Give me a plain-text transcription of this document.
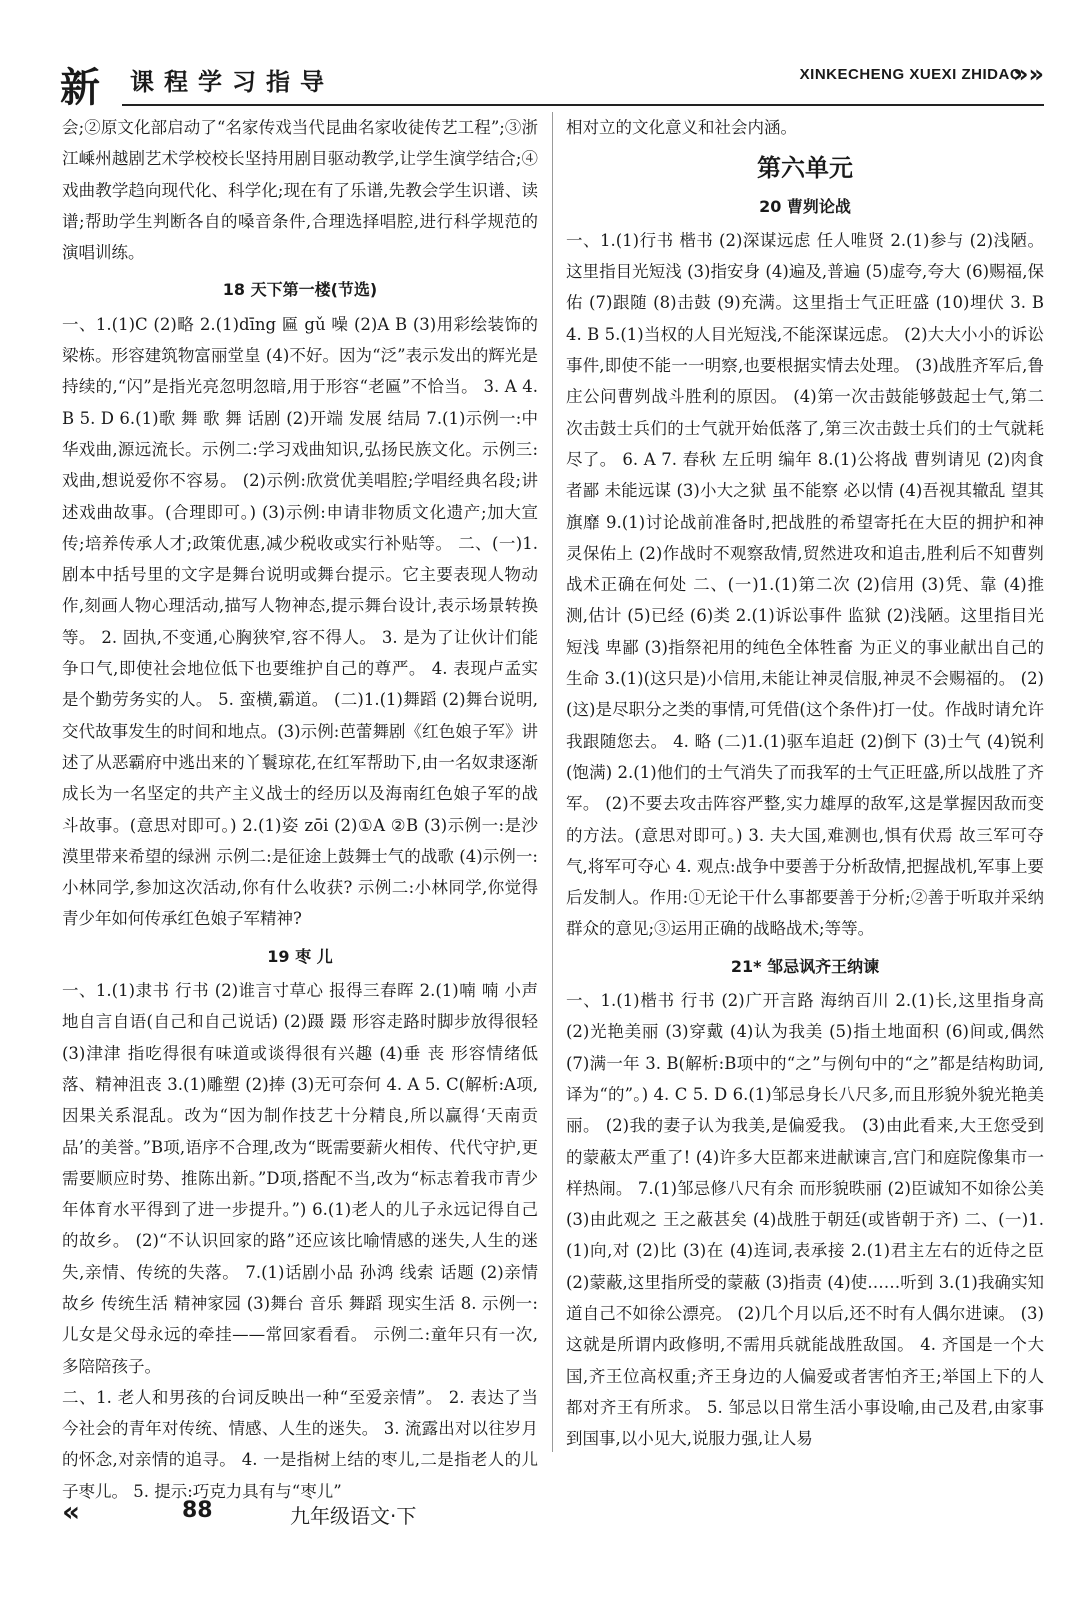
新 课程学习指导	XINKECHENG XUEXI ZHIDAO
»»

会;②原文化部启动了“名家传戏当代昆曲名家收徒传艺工程”;③浙江嵊州越剧艺术学校校长坚持用剧目驱动教学,让学生演学结合;④戏曲教学趋向现代化、科学化;现在有了乐谱,先教会学生识谱、读谱;帮助学生判断各自的嗓音条件,合理选择唱腔,进行科学规范的演唱训练。

18 天下第一楼(节选)

一、1.(1)C (2)略 2.(1)dīng 匾 gǔ 噪 (2)A B (3)用彩绘装饰的梁栋。形容建筑物富丽堂皇 (4)不好。因为“泛”表示发出的辉光是持续的,“闪”是指光亮忽明忽暗,用于形容“老匾”不恰当。 3. A 4. B 5. D 6.(1)歌 舞 歌 舞 话剧 (2)开端 发展 结局 7.(1)示例一:中华戏曲,源远流长。示例二:学习戏曲知识,弘扬民族文化。示例三:戏曲,想说爱你不容易。 (2)示例:欣赏优美唱腔;学唱经典名段;讲述戏曲故事。(合理即可。) (3)示例:申请非物质文化遗产;加大宣传;培养传承人才;政策优惠,减少税收或实行补贴等。 二、(一)1. 剧本中括号里的文字是舞台说明或舞台提示。它主要表现人物动作,刻画人物心理活动,描写人物神态,提示舞台设计,表示场景转换等。 2. 固执,不变通,心胸狭窄,容不得人。 3. 是为了让伙计们能争口气,即使社会地位低下也要维护自己的尊严。 4. 表现卢孟实是个勤劳务实的人。 5. 蛮横,霸道。 (二)1.(1)舞蹈 (2)舞台说明,交代故事发生的时间和地点。(3)示例:芭蕾舞剧《红色娘子军》讲述了从恶霸府中逃出来的丫鬟琼花,在红军帮助下,由一名奴隶逐渐成长为一名坚定的共产主义战士的经历以及海南红色娘子军的战斗故事。(意思对即可。) 2.(1)姿 zōi (2)①A ②B (3)示例一:是沙漠里带来希望的绿洲 示例二:是征途上鼓舞士气的战歌 (4)示例一:小林同学,参加这次活动,你有什么收获? 示例二:小林同学,你觉得青少年如何传承红色娘子军精神?

19 枣 儿

一、1.(1)隶书 行书 (2)谁言寸草心 报得三春晖 2.(1)喃 喃 小声地自言自语(自己和自己说话) (2)蹑 蹑 形容走路时脚步放得很轻 (3)津津 指吃得很有味道或谈得很有兴趣 (4)垂 丧 形容情绪低落、精神沮丧 3.(1)雕塑 (2)捧 (3)无可奈何 4. A 5. C(解析:A项,因果关系混乱。改为“因为制作技艺十分精良,所以赢得‘天南贡品’的美誉。”B项,语序不合理,改为“既需要薪火相传、代代守护,更需要顺应时势、推陈出新。”D项,搭配不当,改为“标志着我市青少年体育水平得到了进一步提升。”) 6.(1)老人的儿子永远记得自己的故乡。 (2)“不认识回家的路”还应该比喻情感的迷失,人生的迷失,亲情、传统的失落。 7.(1)话剧小品 孙鸿 线索 话题 (2)亲情 故乡 传统生活 精神家园 (3)舞台 音乐 舞蹈 现实生活 8. 示例一:儿女是父母永远的牵挂——常回家看看。 示例二:童年只有一次,多陪陪孩子。

二、1. 老人和男孩的台词反映出一种“至爱亲情”。 2. 表达了当今社会的青年对传统、情感、人生的迷失。 3. 流露出对以往岁月的怀念,对亲情的追寻。 4. 一是指树上结的枣儿,二是指老人的儿子枣儿。 5. 提示:巧克力具有与“枣儿”

相对立的文化意义和社会内涵。

第六单元
20 曹刿论战

一、1.(1)行书 楷书 (2)深谋远虑 任人唯贤 2.(1)参与 (2)浅陋。这里指目光短浅 (3)指安身 (4)遍及,普遍 (5)虚夸,夸大 (6)赐福,保佑 (7)跟随 (8)击鼓 (9)充满。这里指士气正旺盛 (10)埋伏 3. B 4. B 5.(1)当权的人目光短浅,不能深谋远虑。 (2)大大小小的诉讼事件,即使不能一一明察,也要根据实情去处理。 (3)战胜齐军后,鲁庄公问曹刿战斗胜利的原因。 (4)第一次击鼓能够鼓起士气,第二次击鼓士兵们的士气就开始低落了,第三次击鼓士兵们的士气就耗尽了。 6. A 7. 春秋 左丘明 编年 8.(1)公将战 曹刿请见 (2)肉食者鄙 未能远谋 (3)小大之狱 虽不能察 必以情 (4)吾视其辙乱 望其旗靡 9.(1)讨论战前准备时,把战胜的希望寄托在大臣的拥护和神灵保佑上 (2)作战时不观察敌情,贸然进攻和追击,胜利后不知曹刿战术正确在何处 二、(一)1.(1)第二次 (2)信用 (3)凭、靠 (4)推测,估计 (5)已经 (6)类 2.(1)诉讼事件 监狱 (2)浅陋。这里指目光短浅 卑鄙 (3)指祭祀用的纯色全体牲畜 为正义的事业献出自己的生命 3.(1)(这只是)小信用,未能让神灵信服,神灵不会赐福的。 (2)(这)是尽职分之类的事情,可凭借(这个条件)打一仗。作战时请允许我跟随您去。 4. 略 (二)1.(1)驱车追赶 (2)倒下 (3)士气 (4)锐利(饱满) 2.(1)他们的士气消失了而我军的士气正旺盛,所以战胜了齐军。 (2)不要去攻击阵容严整,实力雄厚的敌军,这是掌握因敌而变的方法。(意思对即可。) 3. 夫大国,难测也,惧有伏焉 故三军可夺气,将军可夺心 4. 观点:战争中要善于分析敌情,把握战机,军事上要后发制人。作用:①无论干什么事都要善于分析;②善于听取并采纳群众的意见;③运用正确的战略战术;等等。

21* 邹忌讽齐王纳谏

一、1.(1)楷书 行书 (2)广开言路 海纳百川 2.(1)长,这里指身高 (2)光艳美丽 (3)穿戴 (4)认为我美 (5)指土地面积 (6)间或,偶然 (7)满一年 3. B(解析:B项中的“之”与例句中的“之”都是结构助词,译为“的”。) 4. C 5. D 6.(1)邹忌身长八尺多,而且形貌外貌光艳美丽。 (2)我的妻子认为我美,是偏爱我。 (3)由此看来,大王您受到的蒙蔽太严重了! (4)许多大臣都来进献谏言,宫门和庭院像集市一样热闹。 7.(1)邹忌修八尺有余 而形貌昳丽 (2)臣诚知不如徐公美 (3)由此观之 王之蔽甚矣 (4)战胜于朝廷(或皆朝于齐) 二、(一)1.(1)向,对 (2)比 (3)在 (4)连词,表承接 2.(1)君主左右的近侍之臣 (2)蒙蔽,这里指所受的蒙蔽 (3)指责 (4)使……听到 3.(1)我确实知道自己不如徐公漂亮。 (2)几个月以后,还不时有人偶尔进谏。 (3)这就是所谓内政修明,不需用兵就能战胜敌国。 4. 齐国是一个大国,齐王位高权重;齐王身边的人偏爱或者害怕齐王;举国上下的人都对齐王有所求。 5. 邹忌以日常生活小事设喻,由己及君,由家事到国事,以小见大,说服力强,让人易

«	88	九年级语文·下
